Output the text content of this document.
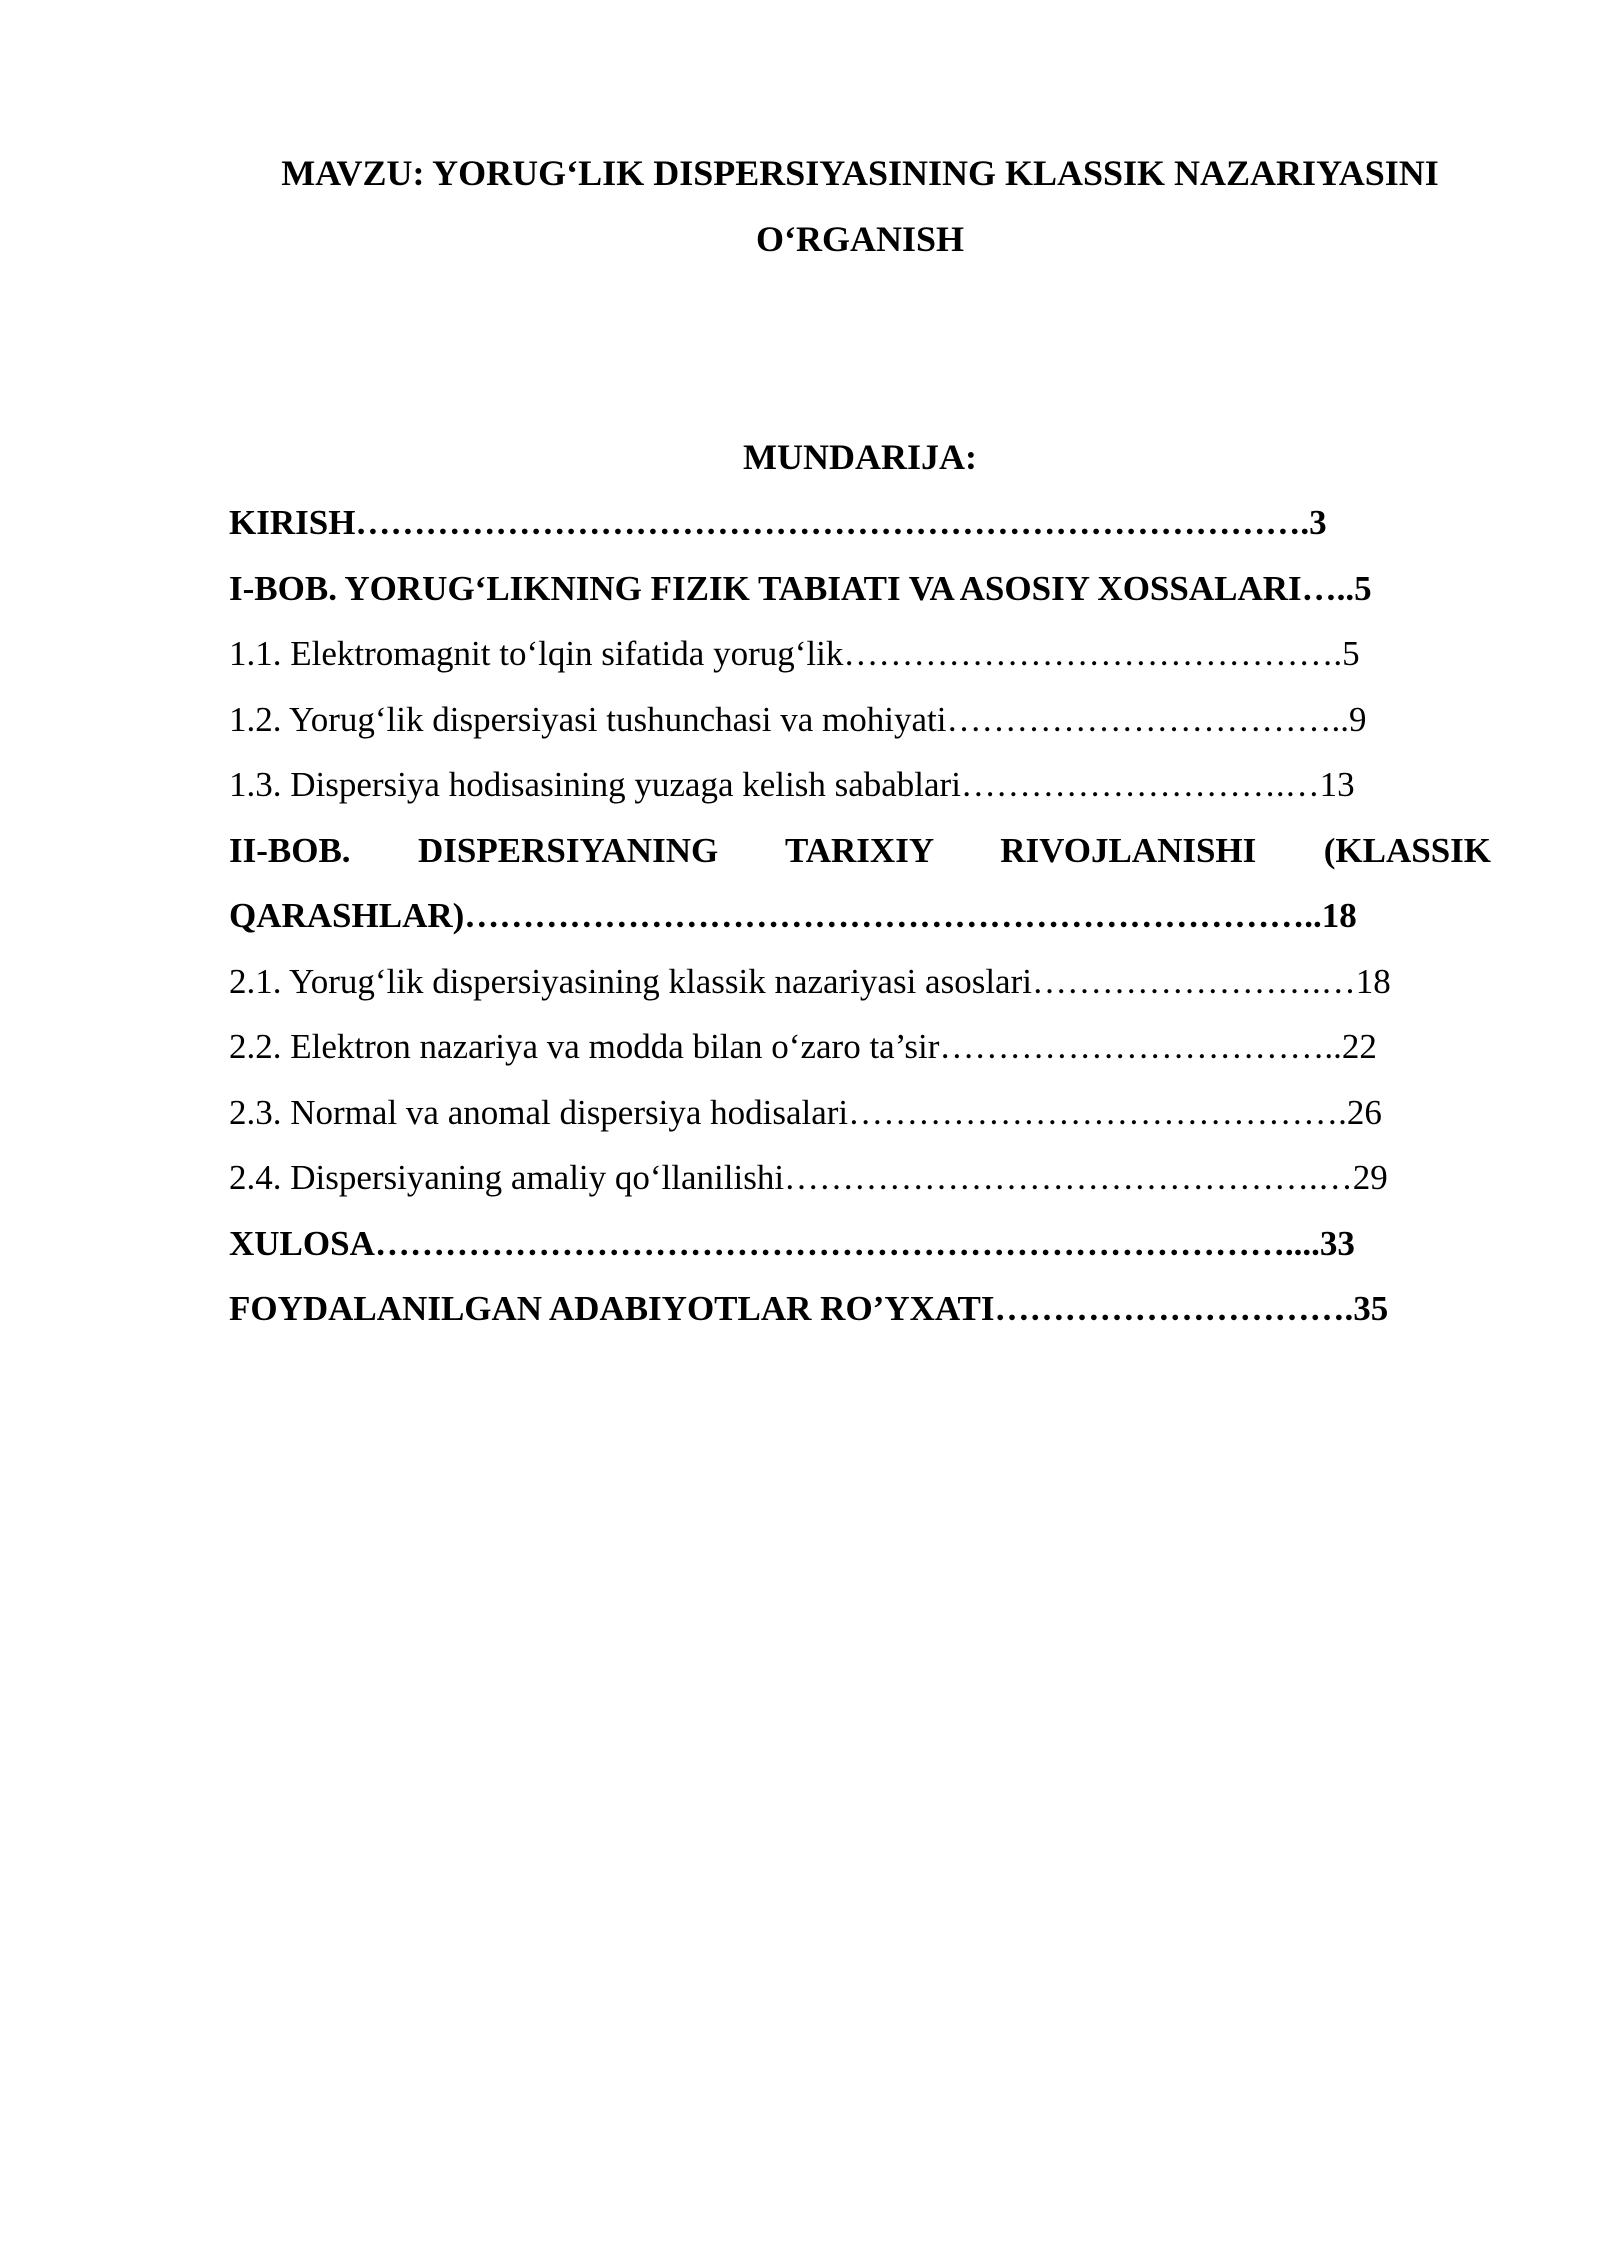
MAVZU: YORUG‘LIK DISPERSIYASINING KLASSIK NAZARIYASINI
O‘RGANISH
MUNDARIJA:
KIRISH……………………………………………………………………….3
I-BOB. YORUG‘LIKNING FIZIK TABIATI VA ASOSIY XOSSALARI…..5
1.1. Elektromagnit to‘lqin sifatida yorug‘lik…………………………………….5
1.2. Yorug‘lik dispersiyasi tushunchasi va mohiyati……………………………..9
1.3. Dispersiya hodisasining yuzaga kelish sabablari……………………….…13
II-BOB. DISPERSIYANING TARIXIY RIVOJLANISHI (KLASSIK
QARASHLAR)………………………………………………………………..18
2.1. Yorug‘lik dispersiyasining klassik nazariyasi asoslari…………………….…18
2.2. Elektron nazariya va modda bilan o‘zaro ta’sir……………………………..22
2.3. Normal va anomal dispersiya hodisalari…………………………………….26
2.4. Dispersiyaning amaliy qo‘llanilishi……………………………………….…29
XULOSA……………………………………………………………………....33
FOYDALANILGAN ADABIYOTLAR RO’YXATI………………………….35
